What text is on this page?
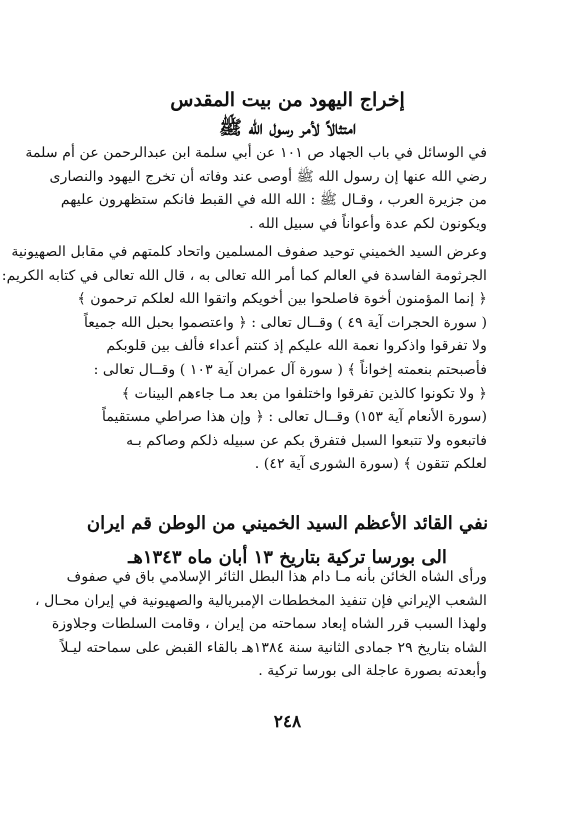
إخراج اليهود من بيت المقدس
امتثالاً لأمر رسول الله ﷺ

في الوسائل في باب الجهاد ص ١٠١ عن أبي سلمة ابن عبدالرحمن عن أم سلمة
رضي الله عنها إن رسول الله ﷺ أوصى عند وفاته أن تخرج اليهود والنصارى
من جزيرة العرب ، وقـال ﷺ : الله الله في القبط فانكم ستظهرون عليهم
ويكونون لكم عدة وأعواناً في سبيل الله .

وعرض السيد الخميني توحيد صفوف المسلمين واتحاد كلمتهم في مقابل الصهيونية
الجرثومة الفاسدة في العالم كما أمر الله تعالى به ، قال الله تعالى في كتابه الكريم:
﴿ إنما المؤمنون أخوة فاصلحوا بين أخويكم واتقوا الله لعلكم ترحمون ﴾
( سورة الحجرات آية ٤٩ ) وقــال تعالى : ﴿ واعتصموا بحبل الله جميعاً
ولا تفرقوا واذكروا نعمة الله عليكم إذ كنتم أعداء فألف بين قلوبكم
فأصبحتم بنعمته إخواناً ﴾ ( سورة آل عمران آية ١٠٣ ) وقــال تعالى :
﴿ ولا تكونوا كالذين تفرقوا واختلفوا من بعد مـا جاءهم البينات ﴾
(سورة الأنعام آية ١٥٣) وقــال تعالى : ﴿ وإن هذا صراطي مستقيماً
فاتبعوه ولا تتبعوا السبل فتفرق بكم عن سبيله ذلكم وصاكم بـه
لعلكم تتقون ﴾ (سورة الشورى آية ٤٢) .

نفي القائد الأعظم السيد الخميني من الوطن قم ايران
الى بورسا تركية بتاريخ ١٣ أبان ماه ١٣٤٣هـ

ورأى الشاه الخائن بأنه مـا دام هذا البطل الثائر الإسلامي باق في صفوف
الشعب الإيراني فإن تنفيذ المخططات الإمبريالية والصهيونية في إيران محـال ،
ولهذا السبب قرر الشاه إبعاد سماحته من إيران ، وقامت السلطات وجلاوزة
الشاه بتاريخ ٢٩ جمادى الثانية سنة ١٣٨٤هـ بالقاء القبض على سماحته ليـلاً
وأبعدته بصورة عاجلة الى بورسا تركية .

٢٤٨
